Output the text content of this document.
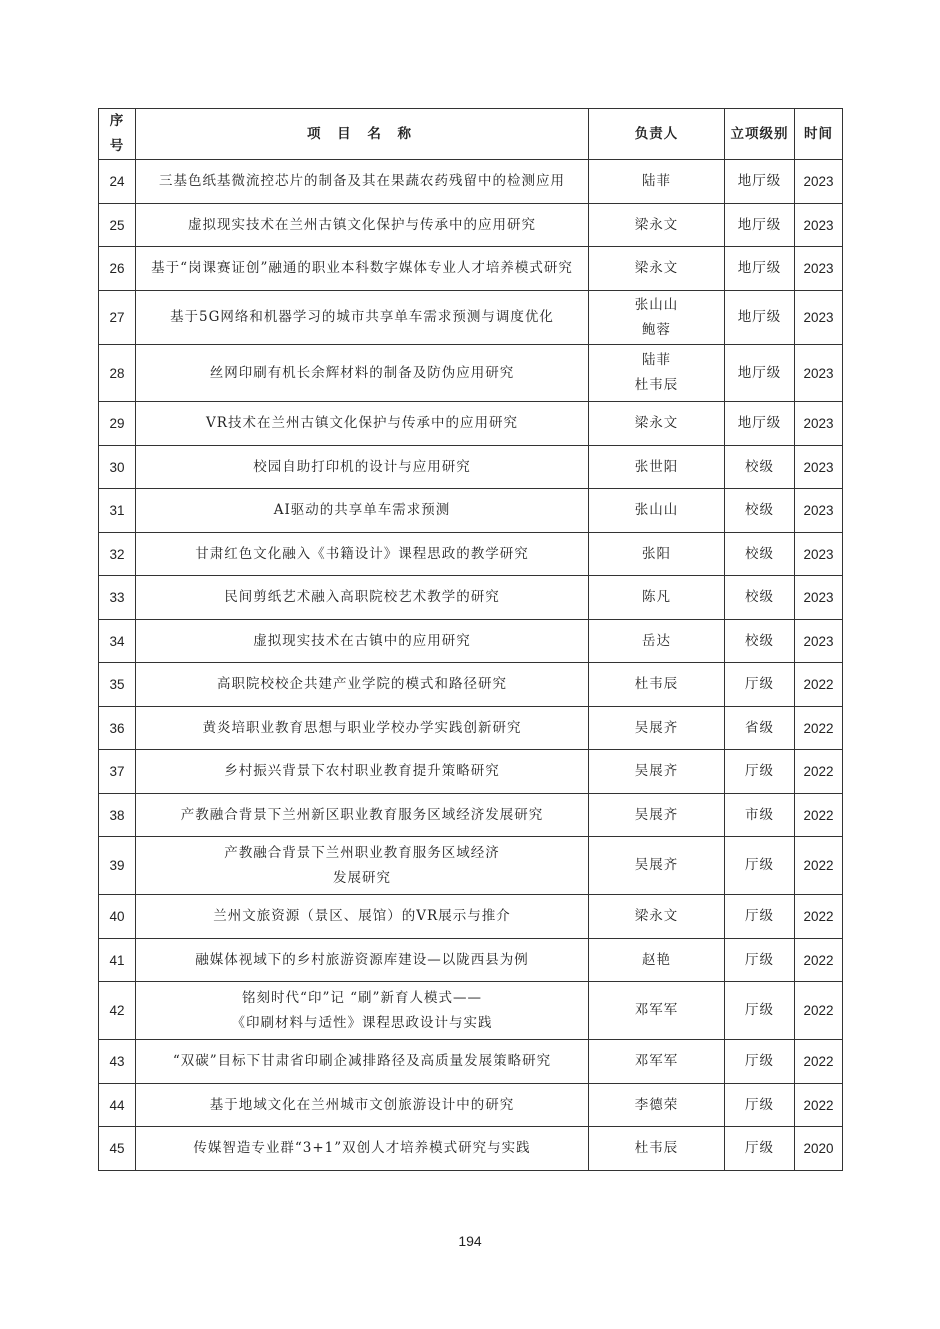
序号	项 目 名 称	负责人	立项级别	时间
24	三基色纸基微流控芯片的制备及其在果蔬农药残留中的检测应用	陆菲	地厅级	2023
25	虚拟现实技术在兰州古镇文化保护与传承中的应用研究	梁永文	地厅级	2023
26	基于“岗课赛证创”融通的职业本科数字媒体专业人才培养模式研究	梁永文	地厅级	2023
27	基于5G网络和机器学习的城市共享单车需求预测与调度优化	张山山
鲍蓉	地厅级	2023
28	丝网印刷有机长余辉材料的制备及防伪应用研究	陆菲
杜韦辰	地厅级	2023
29	VR技术在兰州古镇文化保护与传承中的应用研究	梁永文	地厅级	2023
30	校园自助打印机的设计与应用研究	张世阳	校级	2023
31	AI驱动的共享单车需求预测	张山山	校级	2023
32	甘肃红色文化融入《书籍设计》课程思政的教学研究	张阳	校级	2023
33	民间剪纸艺术融入高职院校艺术教学的研究	陈凡	校级	2023
34	虚拟现实技术在古镇中的应用研究	岳达	校级	2023
35	高职院校校企共建产业学院的模式和路径研究	杜韦辰	厅级	2022
36	黄炎培职业教育思想与职业学校办学实践创新研究	吴展齐	省级	2022
37	乡村振兴背景下农村职业教育提升策略研究	吴展齐	厅级	2022
38	产教融合背景下兰州新区职业教育服务区域经济发展研究	吴展齐	市级	2022
39	产教融合背景下兰州职业教育服务区域经济
发展研究	吴展齐	厅级	2022
40	兰州文旅资源（景区、展馆）的VR展示与推介	梁永文	厅级	2022
41	融媒体视域下的乡村旅游资源库建设—以陇西县为例	赵艳	厅级	2022
42	铭刻时代“印”记 “刷”新育人模式——
《印刷材料与适性》课程思政设计与实践	邓军军	厅级	2022
43	“双碳”目标下甘肃省印刷企减排路径及高质量发展策略研究	邓军军	厅级	2022
44	基于地域文化在兰州城市文创旅游设计中的研究	李德荣	厅级	2022
45	传媒智造专业群“3+1”双创人才培养模式研究与实践	杜韦辰	厅级	2020
194
